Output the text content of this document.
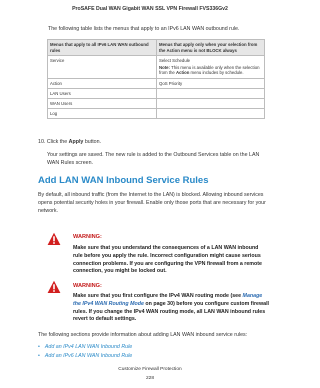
ProSAFE Dual WAN Gigabit WAN SSL VPN Firewall FVS336Gv2
The following table lists the menus that apply to an IPv6 LAN WAN outbound rule.
Menus that apply to all IPv6 LAN WAN outbound rules	Menus that apply only when your selection from the Action menu is not BLOCK always
Service	Select Schedule
Note: This menu is available only when the selection from the Action menu includes by schedule.

Action	QoS Priority
LAN Users	
WAN Users	
Log	
10. Click the Apply button.
Your settings are saved. The new rule is added to the Outbound Services table on the LAN WAN Rules screen.
Add LAN WAN Inbound Service Rules
By default, all inbound traffic (from the Internet to the LAN) is blocked. Allowing inbound services opens potential security holes in your firewall. Enable only those ports that are necessary for your network.
WARNING:
Make sure that you understand the consequences of a LAN WAN inbound rule before you apply the rule. Incorrect configuration might cause serious connection problems. If you are configuring the VPN firewall from a remote connection, you might be locked out.
WARNING:
Make sure that you first configure the IPv4 WAN routing mode (see Manage the IPv4 WAN Routing Mode on page 30) before you configure custom firewall rules. If you change the IPv4 WAN routing mode, all LAN WAN inbound rules revert to default settings.
The following sections provide information about adding LAN WAN inbound service rules:
• Add an IPv4 LAN WAN Inbound Rule
• Add an IPv6 LAN WAN Inbound Rule
Customize Firewall Protection
228
